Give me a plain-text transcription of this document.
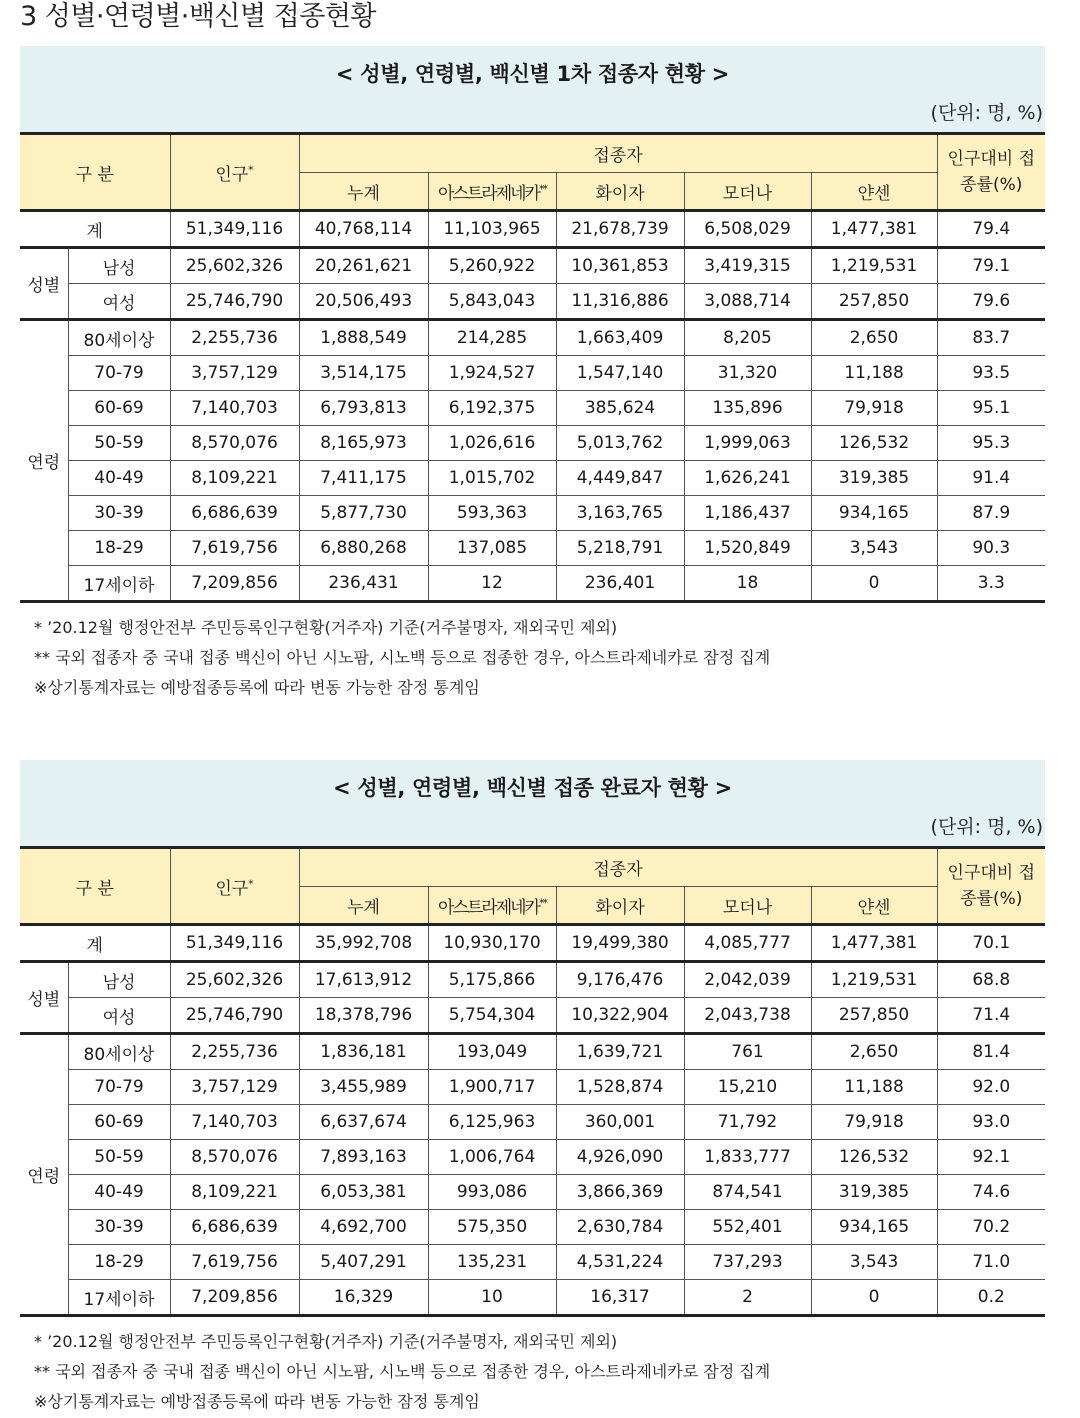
3 성별·연령별·백신별 접종현황
< 성별, 연령별, 백신별 1차 접종자 현황 >
(단위: 명, %)
구 분		인구*	접종자					인구대비 접
종률(%)

			누계	아스트라제네카**	화이자	모더나	얀센	
계		51,349,116	40,768,114	11,103,965	21,678,739	6,508,029	1,477,381	79.4
성별	남성	25,602,326	20,261,621	5,260,922	10,361,853	3,419,315	1,219,531	79.1
	여성	25,746,790	20,506,493	5,843,043	11,316,886	3,088,714	257,850	79.6
연령	80세이상	2,255,736	1,888,549	214,285	1,663,409	8,205	2,650	83.7
	70-79	3,757,129	3,514,175	1,924,527	1,547,140	31,320	11,188	93.5
	60-69	7,140,703	6,793,813	6,192,375	385,624	135,896	79,918	95.1
	50-59	8,570,076	8,165,973	1,026,616	5,013,762	1,999,063	126,532	95.3
	40-49	8,109,221	7,411,175	1,015,702	4,449,847	1,626,241	319,385	91.4
	30-39	6,686,639	5,877,730	593,363	3,163,765	1,186,437	934,165	87.9
	18-29	7,619,756	6,880,268	137,085	5,218,791	1,520,849	3,543	90.3
	17세이하	7,209,856	236,431	12	236,401	18	0	3.3
* ’20.12월 행정안전부 주민등록인구현황(거주자) 기준(거주불명자, 재외국민 제외)
** 국외 접종자 중 국내 접종 백신이 아닌 시노팜, 시노백 등으로 접종한 경우, 아스트라제네카로 잠정 집계
※상기통계자료는 예방접종등록에 따라 변동 가능한 잠정 통계임
< 성별, 연령별, 백신별 접종 완료자 현황 >
(단위: 명, %)
구 분		인구*	접종자					인구대비 접
종률(%)

			누계	아스트라제네카**	화이자	모더나	얀센	
계		51,349,116	35,992,708	10,930,170	19,499,380	4,085,777	1,477,381	70.1
성별	남성	25,602,326	17,613,912	5,175,866	9,176,476	2,042,039	1,219,531	68.8
	여성	25,746,790	18,378,796	5,754,304	10,322,904	2,043,738	257,850	71.4
연령	80세이상	2,255,736	1,836,181	193,049	1,639,721	761	2,650	81.4
	70-79	3,757,129	3,455,989	1,900,717	1,528,874	15,210	11,188	92.0
	60-69	7,140,703	6,637,674	6,125,963	360,001	71,792	79,918	93.0
	50-59	8,570,076	7,893,163	1,006,764	4,926,090	1,833,777	126,532	92.1
	40-49	8,109,221	6,053,381	993,086	3,866,369	874,541	319,385	74.6
	30-39	6,686,639	4,692,700	575,350	2,630,784	552,401	934,165	70.2
	18-29	7,619,756	5,407,291	135,231	4,531,224	737,293	3,543	71.0
	17세이하	7,209,856	16,329	10	16,317	2	0	0.2
* ’20.12월 행정안전부 주민등록인구현황(거주자) 기준(거주불명자, 재외국민 제외)
** 국외 접종자 중 국내 접종 백신이 아닌 시노팜, 시노백 등으로 접종한 경우, 아스트라제네카로 잠정 집계
※상기통계자료는 예방접종등록에 따라 변동 가능한 잠정 통계임
